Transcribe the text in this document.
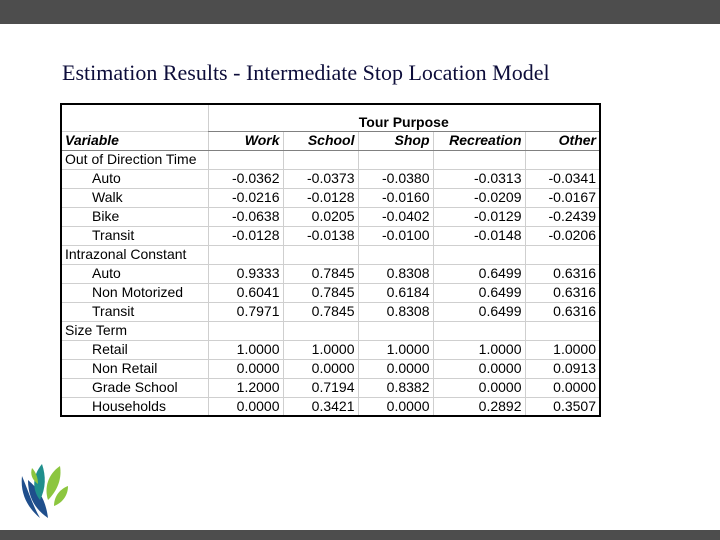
Estimation Results - Intermediate Stop Location Model
	Tour Purpose				
Variable	Work	School	Shop	Recreation	Other
Out of Direction Time					
Auto	-0.0362	-0.0373	-0.0380	-0.0313	-0.0341
Walk	-0.0216	-0.0128	-0.0160	-0.0209	-0.0167
Bike	-0.0638	0.0205	-0.0402	-0.0129	-0.2439
Transit	-0.0128	-0.0138	-0.0100	-0.0148	-0.0206
Intrazonal Constant					
Auto	0.9333	0.7845	0.8308	0.6499	0.6316
Non Motorized	0.6041	0.7845	0.6184	0.6499	0.6316
Transit	0.7971	0.7845	0.8308	0.6499	0.6316
Size Term					
Retail	1.0000	1.0000	1.0000	1.0000	1.0000
Non Retail	0.0000	0.0000	0.0000	0.0000	0.0913
Grade School	1.2000	0.7194	0.8382	0.0000	0.0000
Households	0.0000	0.3421	0.0000	0.2892	0.3507
